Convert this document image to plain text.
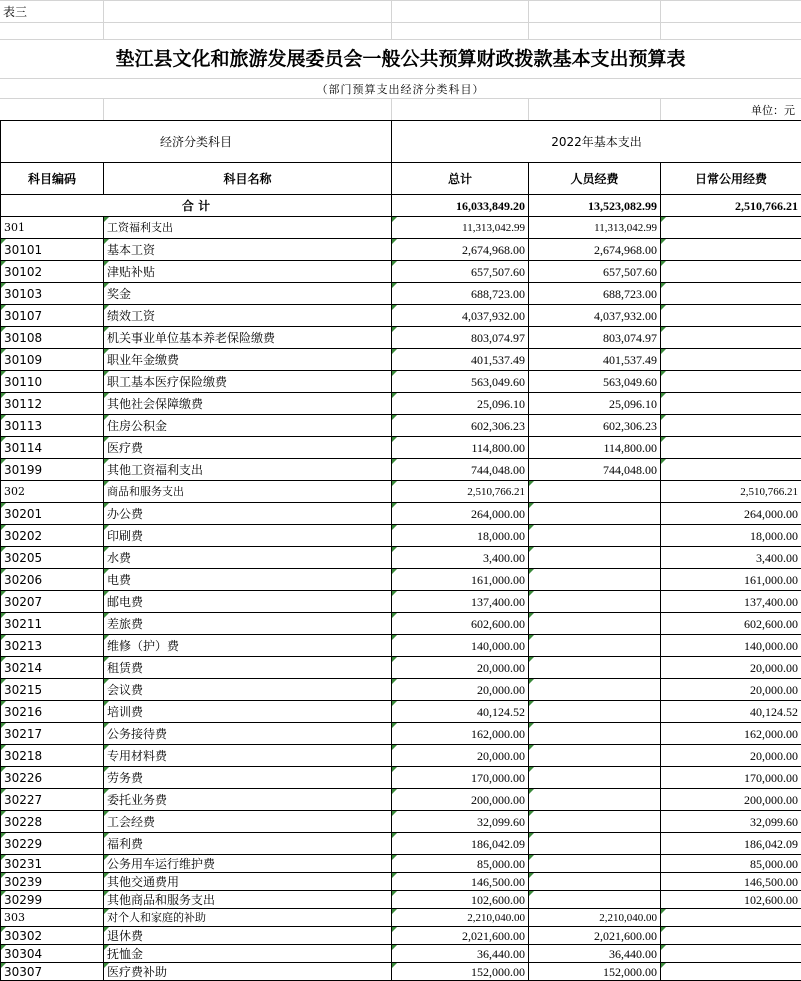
表三
垫江县文化和旅游发展委员会一般公共预算财政拨款基本支出预算表
（部门预算支出经济分类科目）
单位：元
经济分类科目		2022年基本支出		
科目编码	科目名称	总计	人员经费	日常公用经费
合 计		16,033,849.20	13,523,082.99	2,510,766.21
301	工资福利支出	11,313,042.99	11,313,042.99	
30101	基本工资	2,674,968.00	2,674,968.00	
30102	津贴补贴	657,507.60	657,507.60	
30103	奖金	688,723.00	688,723.00	
30107	绩效工资	4,037,932.00	4,037,932.00	
30108	机关事业单位基本养老保险缴费	803,074.97	803,074.97	
30109	职业年金缴费	401,537.49	401,537.49	
30110	职工基本医疗保险缴费	563,049.60	563,049.60	
30112	其他社会保障缴费	25,096.10	25,096.10	
30113	住房公积金	602,306.23	602,306.23	
30114	医疗费	114,800.00	114,800.00	
30199	其他工资福利支出	744,048.00	744,048.00	
302	商品和服务支出	2,510,766.21		2,510,766.21
30201	办公费	264,000.00		264,000.00
30202	印刷费	18,000.00		18,000.00
30205	水费	3,400.00		3,400.00
30206	电费	161,000.00		161,000.00
30207	邮电费	137,400.00		137,400.00
30211	差旅费	602,600.00		602,600.00
30213	维修（护）费	140,000.00		140,000.00
30214	租赁费	20,000.00		20,000.00
30215	会议费	20,000.00		20,000.00
30216	培训费	40,124.52		40,124.52
30217	公务接待费	162,000.00		162,000.00
30218	专用材料费	20,000.00		20,000.00
30226	劳务费	170,000.00		170,000.00
30227	委托业务费	200,000.00		200,000.00
30228	工会经费	32,099.60		32,099.60
30229	福利费	186,042.09		186,042.09
30231	公务用车运行维护费	85,000.00		85,000.00
30239	其他交通费用	146,500.00		146,500.00
30299	其他商品和服务支出	102,600.00		102,600.00
303	对个人和家庭的补助	2,210,040.00	2,210,040.00	
30302	退休费	2,021,600.00	2,021,600.00	
30304	抚恤金	36,440.00	36,440.00	
30307	医疗费补助	152,000.00	152,000.00	
